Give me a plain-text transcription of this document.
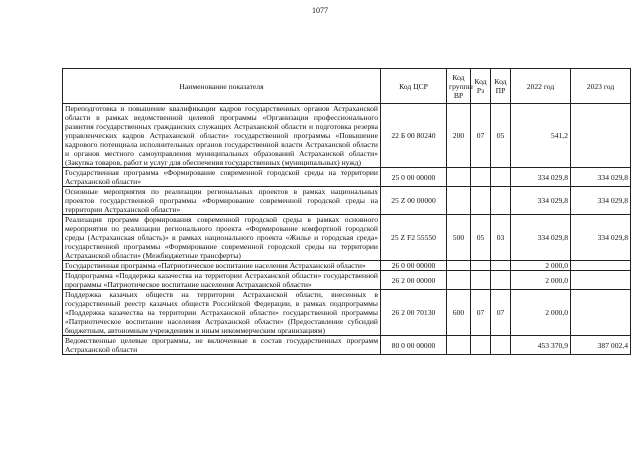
1077
Наименование показателя	Код ЦСР	Код группы ВР	Код Рз	Код ПР	2022 год	2023 год
Переподготовка и повышение квалификации кадров государственных органов Астраханской области в рамках ведомственной целевой программы «Организация профессионального развития государственных гражданских служащих Астраханской области и подготовка резерва управленческих кадров Астраханской области» государственной программы «Повышение кадрового потенциала исполнительных органов государственной власти Астраханской области и органов местного самоуправления муниципальных образований Астраханской области» (Закупка товаров, работ и услуг для обеспечения государственных (муниципальных) нужд)	22 Б 00 80240	200	07	05	541,2	
Государственная программа «Формирование современной городской среды на территории Астраханской области»	25 0 00 00000				334 029,8	334 029,8
Основные мероприятия по реализации региональных проектов в рамках национальных проектов государственной программы «Формирование современной городской среды на территории Астраханской области»	25 Z 00 00000				334 029,8	334 029,8
Реализация программ формирования современной городской среды в рамках основного мероприятия по реализации регионального проекта «Формирование комфортной городской среды (Астраханская область)» в рамках национального проекта «Жилье и городская среда» государственной программы «Формирование современной городской среды на территории Астраханской области» (Межбюджетные трансферты)	25 Z F2 55550	500	05	03	334 029,8	334 029,8
Государственная программа «Патриотическое воспитание населения Астраханской области»	26 0 00 00000				2 000,0	
Подпрограмма «Поддержка казачества на территории Астраханской области» государственной программы «Патриотическое воспитание населения Астраханской области»	26 2 00 00000				2 000,0	
Поддержка казачьих обществ на территории Астраханской области, внесенных в государственный реестр казачьих обществ Российской Федерации, в рамках подпрограммы «Поддержка казачества на территории Астраханской области» государственной программы «Патриотическое воспитание населения Астраханской области» (Предоставление субсидий бюджетным, автономным учреждениям и иным некоммерческим организациям)	26 2 00 70130	600	07	07	2 000,0	
Ведомственные целевые программы, не включенные в состав государственных программ Астраханской области	80 0 00 00000				453 370,9	387 002,4
